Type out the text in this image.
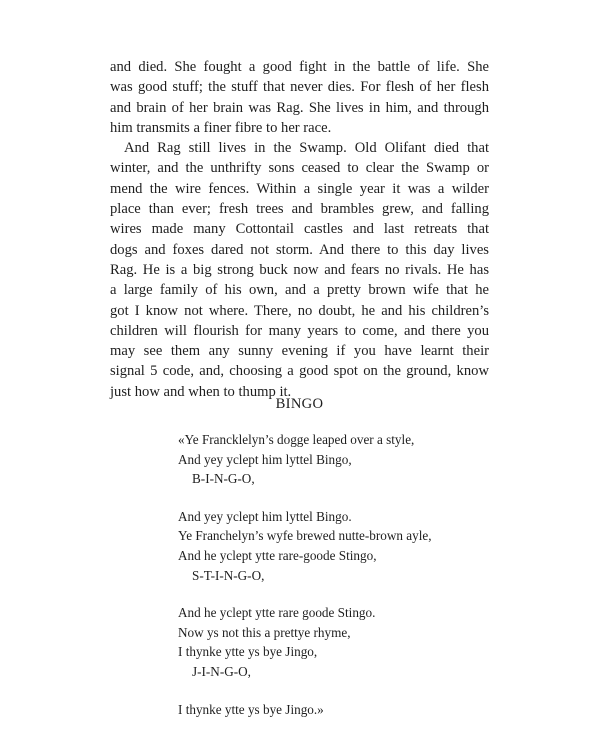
and died. She fought a good fight in the battle of life. She
was good stuff; the stuff that never dies. For flesh of her flesh
and brain of her brain was Rag. She lives in him, and through
him transmits a finer fibre to her race.

And Rag still lives in the Swamp. Old Olifant died that
winter, and the unthrifty sons ceased to clear the Swamp or
mend the wire fences. Within a single year it was a wilder
place than ever; fresh trees and brambles grew, and falling
wires made many Cottontail castles and last retreats that
dogs and foxes dared not storm. And there to this day lives
Rag. He is a big strong buck now and fears no rivals. He has
a large family of his own, and a pretty brown wife that he
got I know not where. There, no doubt, he and his children’s
children will flourish for many years to come, and there you
may see them any sunny evening if you have learnt their
signal 5 code, and, choosing a good spot on the ground, know
just how and when to thump it.

BINGO
«Ye Francklelyn’s dogge leaped over a style,
And yey yclept him lyttel Bingo,
B-I-N-G-O,
And yey yclept him lyttel Bingo.
Ye Franchelyn’s wyfe brewed nutte-brown ayle,
And he yclept ytte rare-goode Stingo,
S-T-I-N-G-O,
And he yclept ytte rare goode Stingo.
Now ys not this a prettye rhyme,
I thynke ytte ys bye Jingo,
J-I-N-G-O,
I thynke ytte ys bye Jingo.»
